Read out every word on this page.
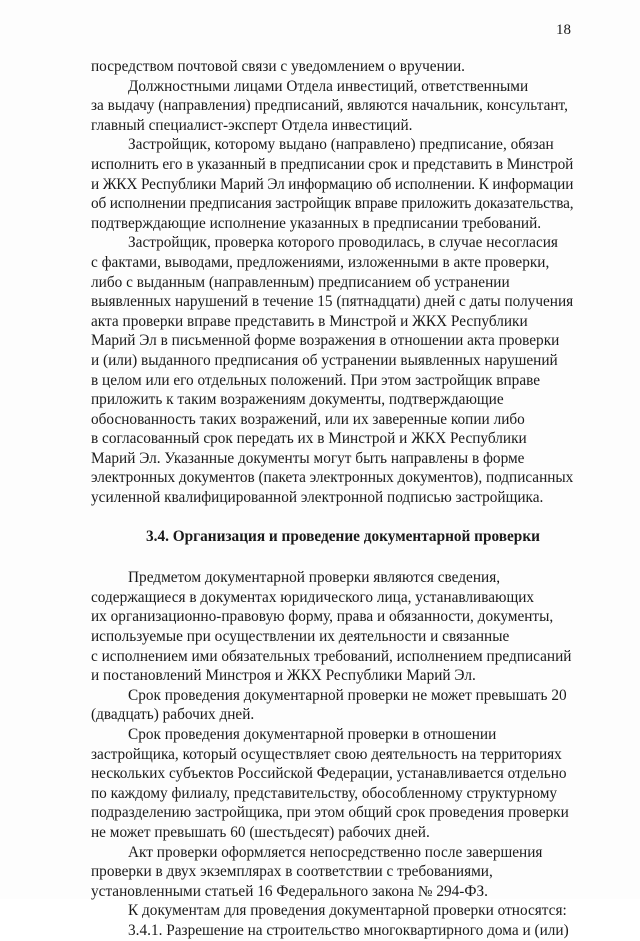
18
посредством почтовой связи с уведомлением о вручении.
Должностными лицами Отдела инвестиций, ответственными
за выдачу (направления) предписаний, являются начальник, консультант,
главный специалист-эксперт Отдела инвестиций.
Застройщик, которому выдано (направлено) предписание, обязан
исполнить его в указанный в предписании срок и представить в Минстрой
и ЖКХ Республики Марий Эл информацию об исполнении. К информации
об исполнении предписания застройщик вправе приложить доказательства,
подтверждающие исполнение указанных в предписании требований.
Застройщик, проверка которого проводилась, в случае несогласия
с фактами, выводами, предложениями, изложенными в акте проверки,
либо с выданным (направленным) предписанием об устранении
выявленных нарушений в течение 15 (пятнадцати) дней с даты получения
акта проверки вправе представить в Минстрой и ЖКХ Республики
Марий Эл в письменной форме возражения в отношении акта проверки
и (или) выданного предписания об устранении выявленных нарушений
в целом или его отдельных положений. При этом застройщик вправе
приложить к таким возражениям документы, подтверждающие
обоснованность таких возражений, или их заверенные копии либо
в согласованный срок передать их в Минстрой и ЖКХ Республики
Марий Эл. Указанные документы могут быть направлены в форме
электронных документов (пакета электронных документов), подписанных
усиленной квалифицированной электронной подписью застройщика.
3.4. Организация и проведение документарной проверки
Предметом документарной проверки являются сведения,
содержащиеся в документах юридического лица, устанавливающих
их организационно-правовую форму, права и обязанности, документы,
используемые при осуществлении их деятельности и связанные
с исполнением ими обязательных требований, исполнением предписаний
и постановлений Минстроя и ЖКХ Республики Марий Эл.
Срок проведения документарной проверки не может превышать 20
(двадцать) рабочих дней.
Срок проведения документарной проверки в отношении
застройщика, который осуществляет свою деятельность на территориях
нескольких субъектов Российской Федерации, устанавливается отдельно
по каждому филиалу, представительству, обособленному структурному
подразделению застройщика, при этом общий срок проведения проверки
не может превышать 60 (шестьдесят) рабочих дней.
Акт проверки оформляется непосредственно после завершения
проверки в двух экземплярах в соответствии с требованиями,
установленными статьей 16 Федерального закона № 294-ФЗ.
К документам для проведения документарной проверки относятся:
3.4.1. Разрешение на строительство многоквартирного дома и (или)
